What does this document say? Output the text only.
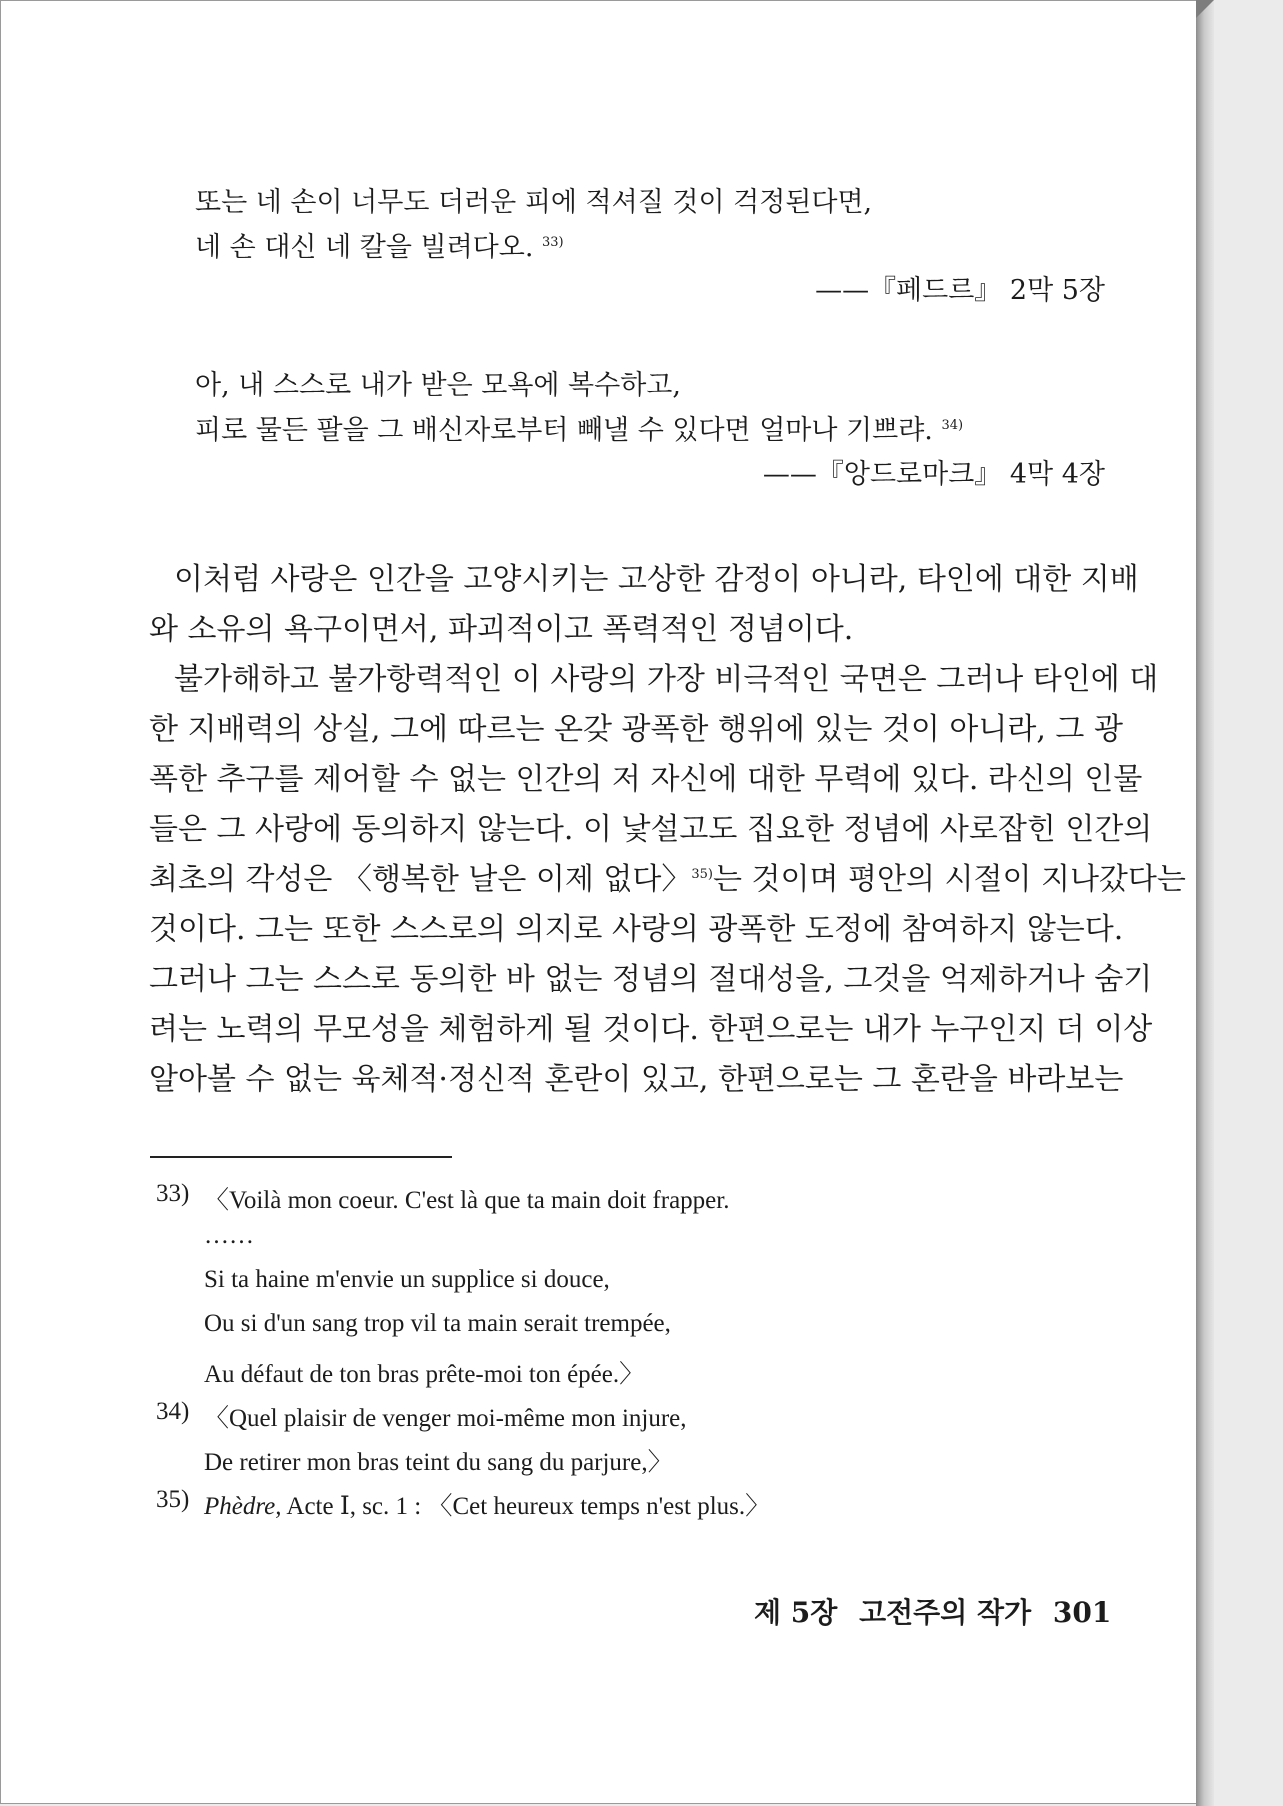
또는 네 손이 너무도 더러운 피에 적셔질 것이 걱정된다면,
네 손 대신 네 칼을 빌려다오. $^{33)}$
——『페드르』 2막 5장
아, 내 스스로 내가 받은 모욕에 복수하고,
피로 물든 팔을 그 배신자로부터 빼낼 수 있다면 얼마나 기쁘랴. $^{34)}$
——『앙드로마크』 4막 4장
이처럼 사랑은 인간을 고양시키는 고상한 감정이 아니라, 타인에 대한 지배
와 소유의 욕구이면서, 파괴적이고 폭력적인 정념이다.
불가해하고 불가항력적인 이 사랑의 가장 비극적인 국면은 그러나 타인에 대
한 지배력의 상실, 그에 따르는 온갖 광폭한 행위에 있는 것이 아니라, 그 광
폭한 추구를 제어할 수 없는 인간의 저 자신에 대한 무력에 있다. 라신의 인물
들은 그 사랑에 동의하지 않는다. 이 낯설고도 집요한 정념에 사로잡힌 인간의
최초의 각성은 〈행복한 날은 이제 없다〉$^{35)}$는 것이며 평안의 시절이 지나갔다는
것이다. 그는 또한 스스로의 의지로 사랑의 광폭한 도정에 참여하지 않는다.
그러나 그는 스스로 동의한 바 없는 정념의 절대성을, 그것을 억제하거나 숨기
려는 노력의 무모성을 체험하게 될 것이다. 한편으로는 내가 누구인지 더 이상
알아볼 수 없는 육체적·정신적 혼란이 있고, 한편으로는 그 혼란을 바라보는
33) 〈Voilà mon coeur. C'est là que ta main doit frapper.
……
Si ta haine m'envie un supplice si douce,
Ou si d'un sang trop vil ta main serait trempée,
Au défaut de ton bras prête-moi ton épée.〉
34) 〈Quel plaisir de venger moi-même mon injure,
De retirer mon bras teint du sang du parjure,〉
35) Phèdre, Acte Ⅰ, sc. 1 : 〈Cet heureux temps n'est plus.〉
제 5장 고전주의 작가 301
